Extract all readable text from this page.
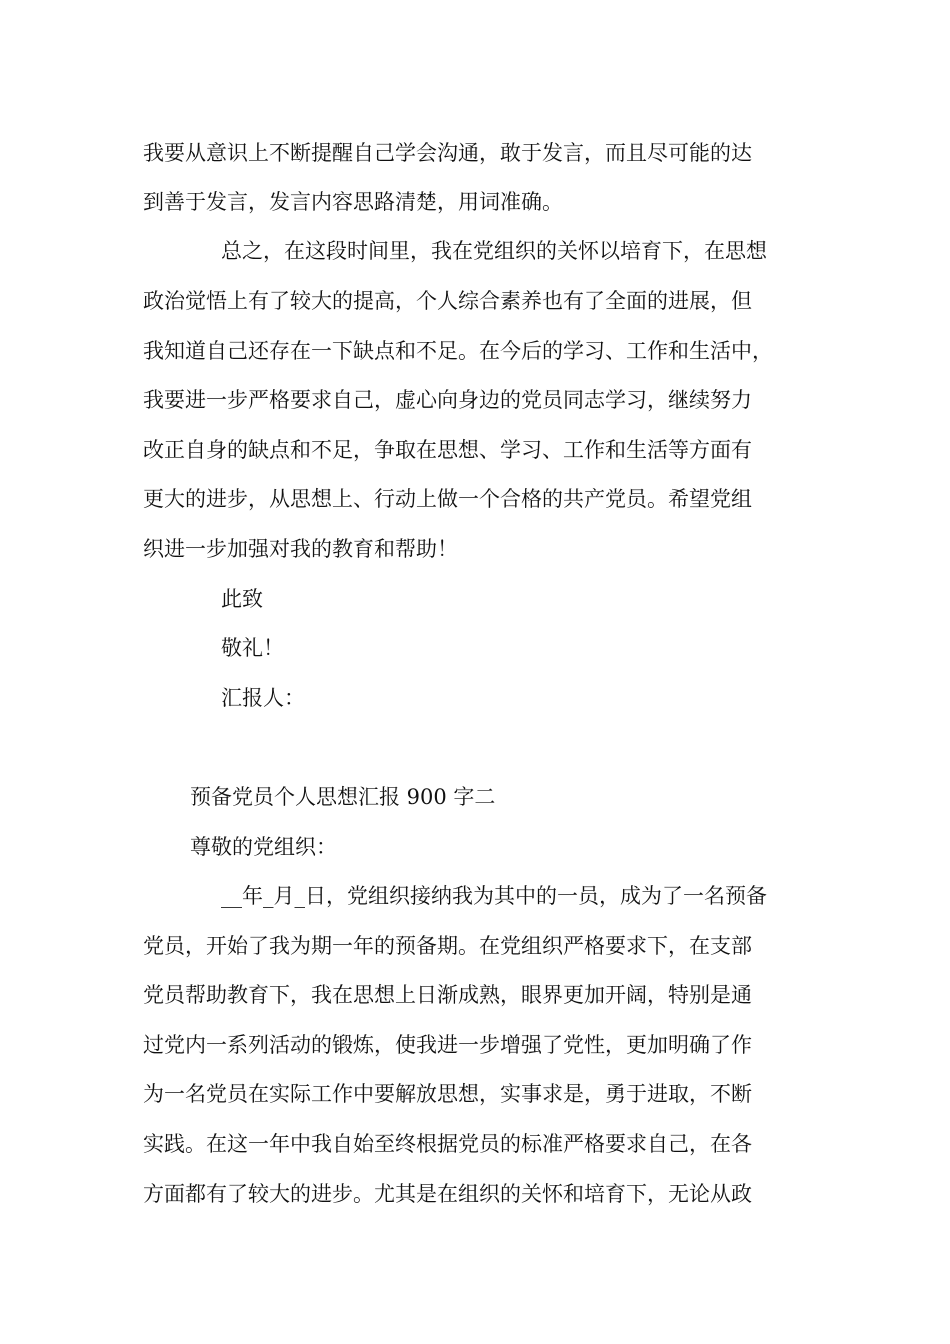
我要从意识上不断提醒自己学会沟通，敢于发言，而且尽可能的达

到善于发言，发言内容思路清楚，用词准确。

总之，在这段时间里，我在党组织的关怀以培育下，在思想

政治觉悟上有了较大的提高，个人综合素养也有了全面的进展，但

我知道自己还存在一下缺点和不足。在今后的学习、工作和生活中，

我要进一步严格要求自己，虚心向身边的党员同志学习，继续努力

改正自身的缺点和不足，争取在思想、学习、工作和生活等方面有

更大的进步，从思想上、行动上做一个合格的共产党员。希望党组

织进一步加强对我的教育和帮助！

此致

敬礼！

汇报人：

预备党员个人思想汇报 900 字二

尊敬的党组织：

__年_月_日，党组织接纳我为其中的一员，成为了一名预备

党员，开始了我为期一年的预备期。在党组织严格要求下，在支部

党员帮助教育下，我在思想上日渐成熟，眼界更加开阔，特别是通

过党内一系列活动的锻炼，使我进一步增强了党性，更加明确了作

为一名党员在实际工作中要解放思想，实事求是，勇于进取，不断

实践。在这一年中我自始至终根据党员的标准严格要求自己，在各

方面都有了较大的进步。尤其是在组织的关怀和培育下，无论从政
